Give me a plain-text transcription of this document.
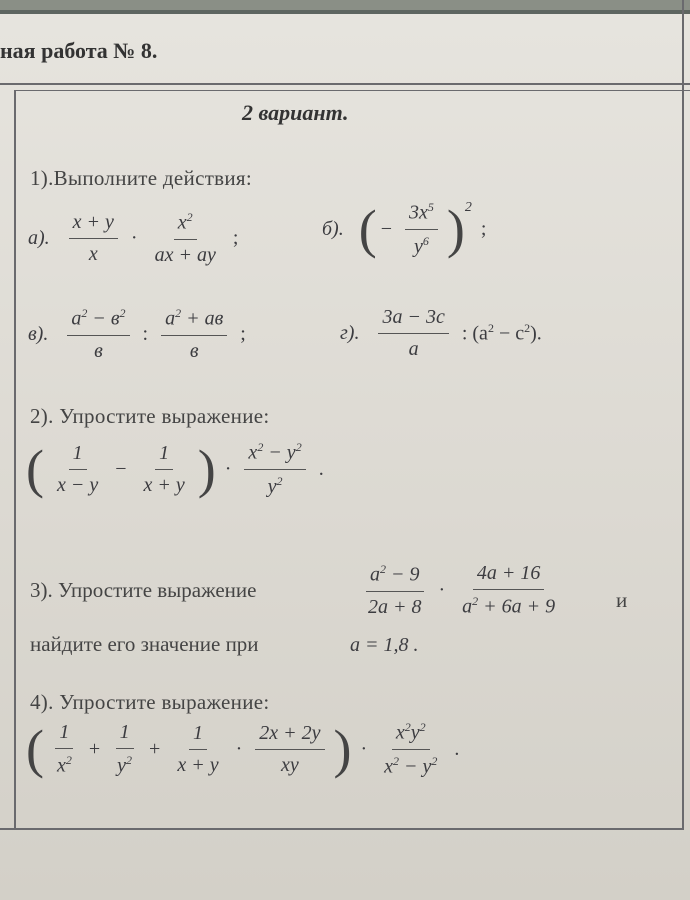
ная работа № 8.
2 вариант.
1).Выполните действия:
а). $\frac{x + y}{x} \cdot \frac{x^2}{ax + ay}$ ;	б). ( − $\frac{3x^5}{y^6} )^2$ ;
в). $\frac{a^2 - в^2}{в}$ : $\frac{a^2 + aв}{в}$ ;	г). $\frac{3a - 3c}{a}$ : $(a^2 - c^2)$.
2). Упростите выражение:
( $\frac{1}{x - y} - \frac{1}{x + y}$ ) · $\frac{x^2 - y^2}{y^2}$ .
3). Упростите выражение	$\frac{a^2 - 9}{2a + 8} \cdot \frac{4a + 16}{a^2 + 6a + 9}$	и
найдите его значение при	a = 1,8 .
4). Упростите выражение:
( $\frac{1}{x^2} + \frac{1}{y^2} + \frac{1}{x + y} \cdot \frac{2x + 2y}{xy}$ ) · $\frac{x^2y^2}{x^2 - y^2}$ .
